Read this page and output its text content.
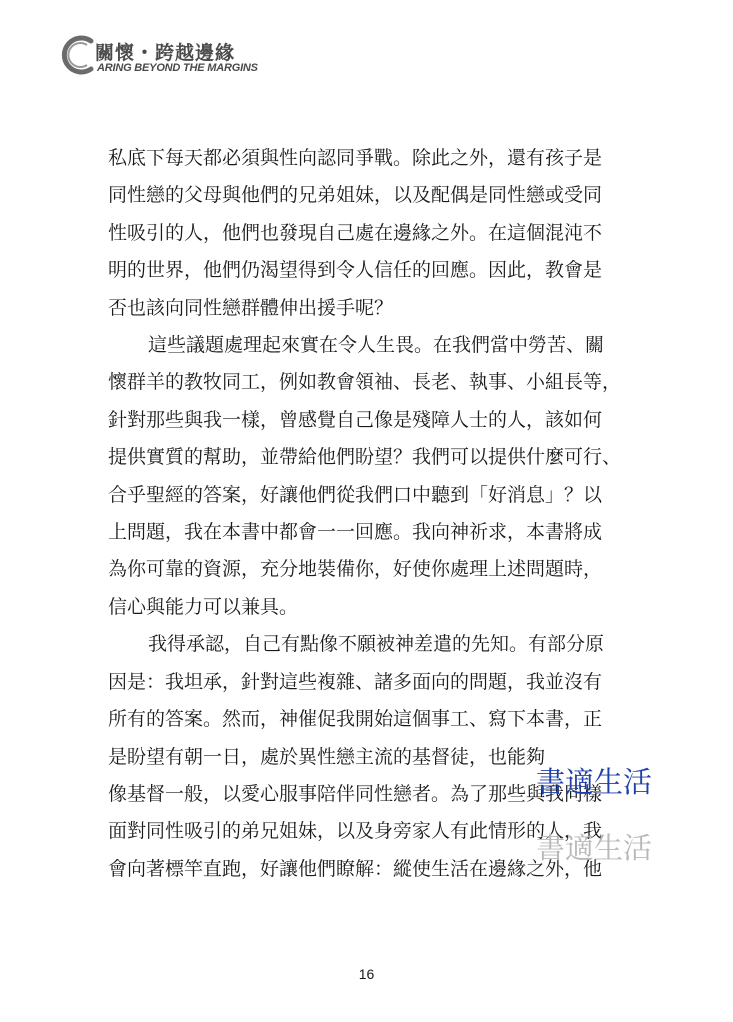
關懷・跨越邊緣
ARING BEYOND THE MARGINS

私底下每天都必須與性向認同爭戰。除此之外，還有孩子是
同性戀的父母與他們的兄弟姐妹，以及配偶是同性戀或受同
性吸引的人，他們也發現自己處在邊緣之外。在這個混沌不
明的世界，他們仍渴望得到令人信任的回應。因此，教會是
否也該向同性戀群體伸出援手呢？

這些議題處理起來實在令人生畏。在我們當中勞苦、關
懷群羊的教牧同工，例如教會領袖、長老、執事、小組長等，
針對那些與我一樣，曾感覺自己像是殘障人士的人，該如何
提供實質的幫助，並帶給他們盼望？我們可以提供什麼可行、
合乎聖經的答案，好讓他們從我們口中聽到「好消息」？以
上問題，我在本書中都會一一回應。我向神祈求，本書將成
為你可靠的資源，充分地裝備你，好使你處理上述問題時，
信心與能力可以兼具。

我得承認，自己有點像不願被神差遣的先知。有部分原
因是：我坦承，針對這些複雜、諸多面向的問題，我並沒有
所有的答案。然而，神催促我開始這個事工、寫下本書，正
是盼望有朝一日，處於異性戀主流的基督徒，也能夠
像基督一般，以愛心服事陪伴同性戀者。為了那些與我同樣
面對同性吸引的弟兄姐妹，以及身旁家人有此情形的人，我
會向著標竿直跑，好讓他們瞭解：縱使生活在邊緣之外，他

書適生活
書適生活
16
